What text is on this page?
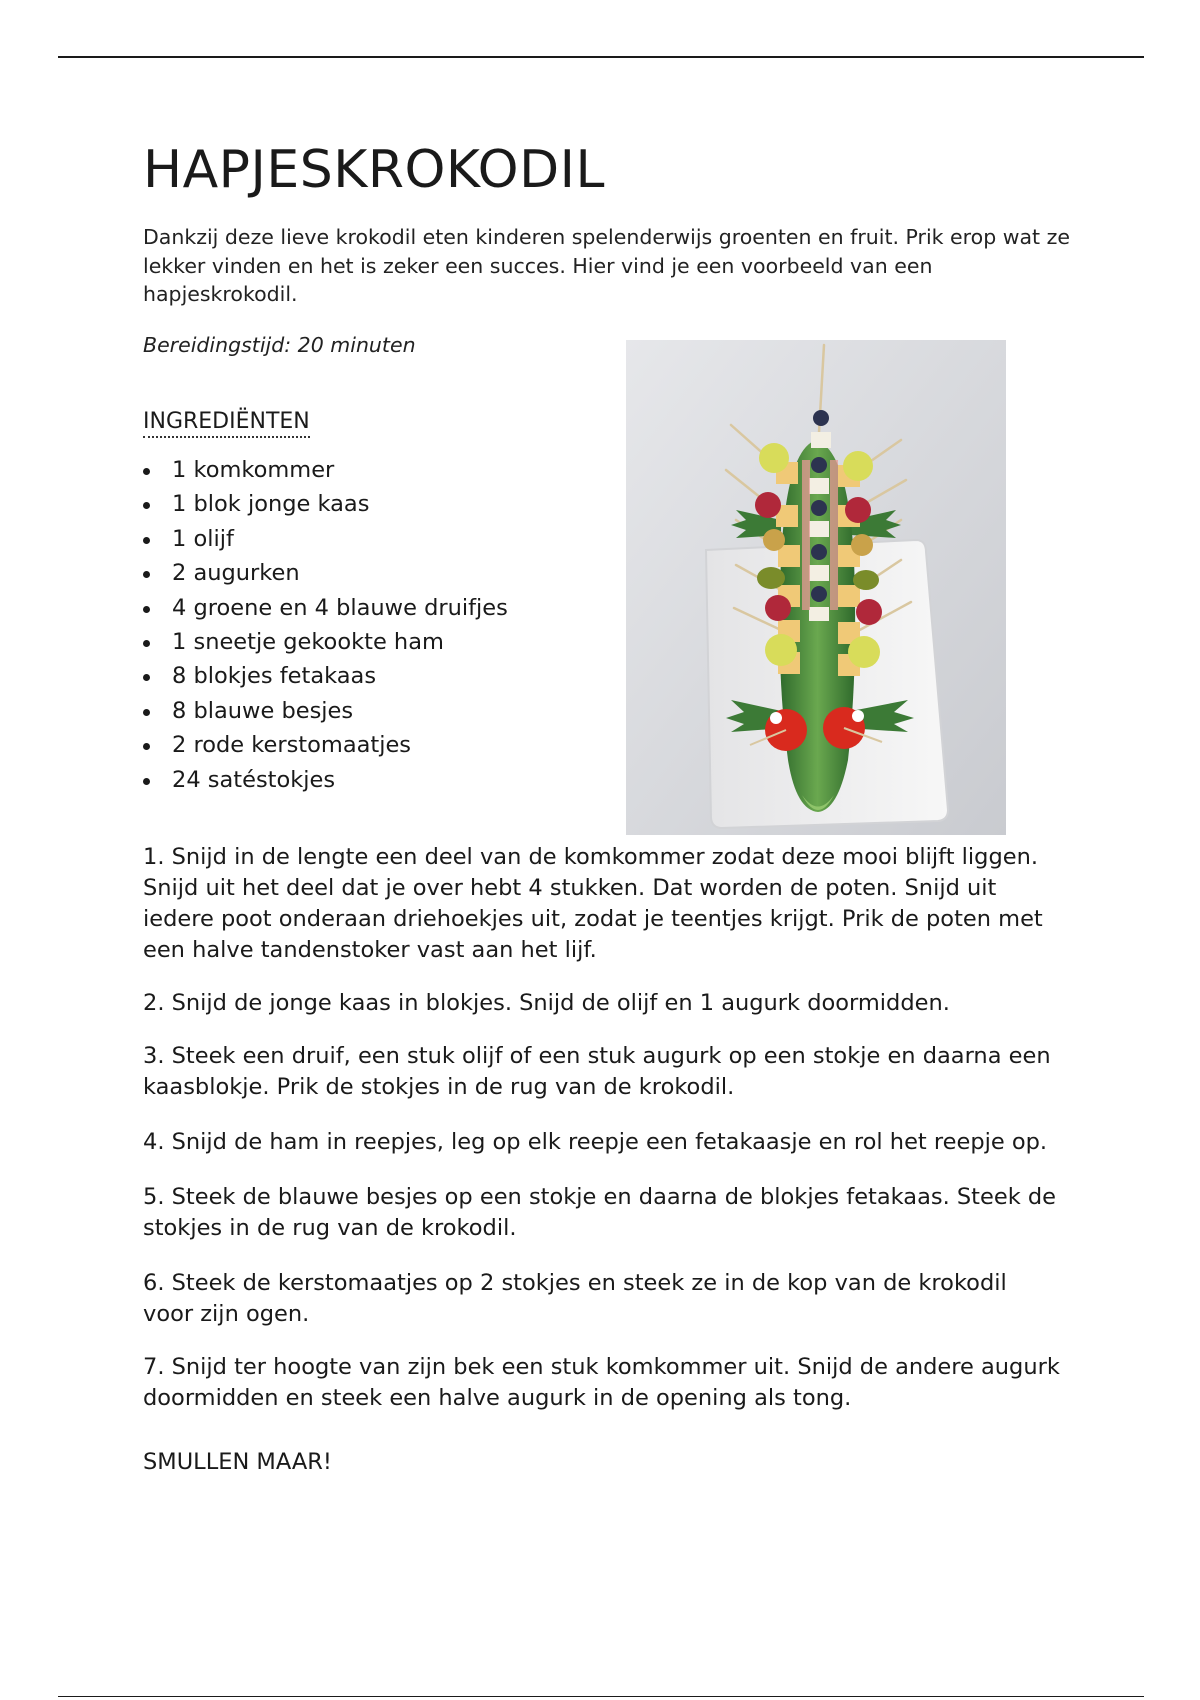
HAPJESKROKODIL

Dankzij deze lieve krokodil eten kinderen spelenderwijs groenten en fruit. Prik erop wat ze lekker vinden en het is zeker een succes. Hier vind je een voorbeeld van een hapjeskrokodil.

Bereidingstijd: 20 minuten

INGREDIËNTEN
1 komkommer
1 blok jonge kaas
1 olijf
2 augurken
4 groene en 4 blauwe druifjes
1 sneetje gekookte ham
8 blokjes fetakaas
8 blauwe besjes
2 rode kerstomaatjes
24 satéstokjes

1. Snijd in de lengte een deel van de komkommer zodat deze mooi blijft liggen. Snijd uit het deel dat je over hebt 4 stukken. Dat worden de poten. Snijd uit iedere poot onderaan driehoekjes uit, zodat je teentjes krijgt. Prik de poten met een halve tandenstoker vast aan het lijf.

2. Snijd de jonge kaas in blokjes. Snijd de olijf en 1 augurk doormidden.

3. Steek een druif, een stuk olijf of een stuk augurk op een stokje en daarna een kaasblokje. Prik de stokjes in de rug van de krokodil.

4. Snijd de ham in reepjes, leg op elk reepje een fetakaasje en rol het reepje op.

5. Steek de blauwe besjes op een stokje en daarna de blokjes fetakaas. Steek de stokjes in de rug van de krokodil.

6. Steek de kerstomaatjes op 2 stokjes en steek ze in de kop van de krokodil voor zijn ogen.

7. Snijd ter hoogte van zijn bek een stuk komkommer uit. Snijd de andere augurk doormidden en steek een halve augurk in de opening als tong.

SMULLEN MAAR!
